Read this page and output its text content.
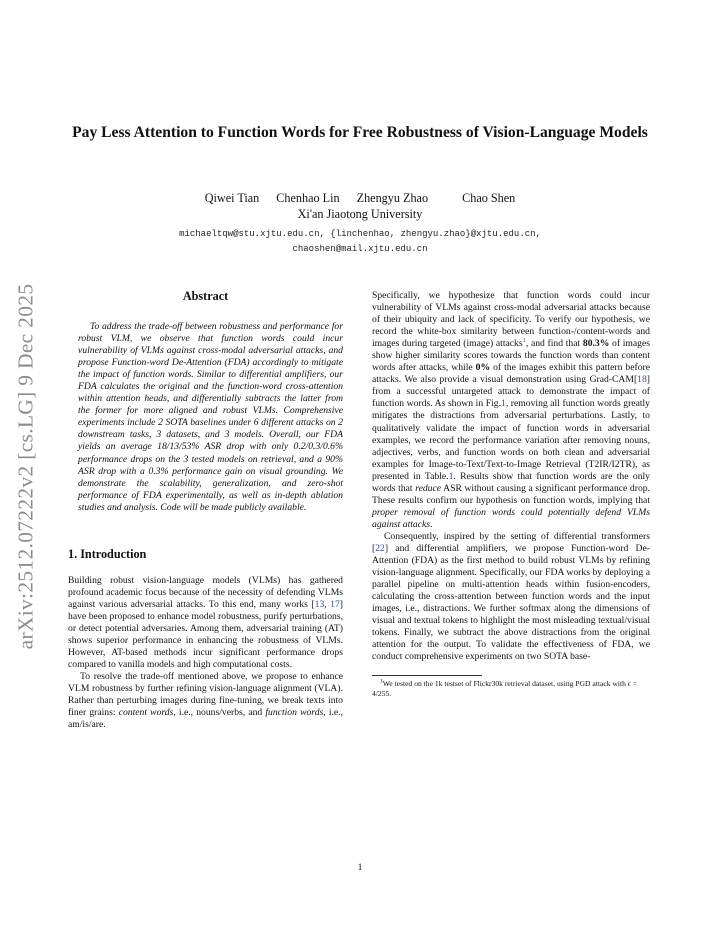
arXiv:2512.07222v2 [cs.LG] 9 Dec 2025
Pay Less Attention to Function Words for Free Robustness of Vision-Language Models
Qiwei Tian Chenhao Lin Zhengyu Zhao	Chao Shen
Xi'an Jiaotong University
michaeltqw@stu.xjtu.edu.cn, {linchenhao, zhengyu.zhao}@xjtu.edu.cn,
chaoshen@mail.xjtu.edu.cn
Abstract

To address the trade-off between robustness and performance for robust VLM, we observe that function words could incur vulnerability of VLMs against cross-modal adversarial attacks, and propose Function-word De-Attention (FDA) accordingly to mitigate the impact of function words. Similar to differential amplifiers, our FDA calculates the original and the function-word cross-attention within attention heads, and differentially subtracts the latter from the former for more aligned and robust VLMs. Comprehensive experiments include 2 SOTA baselines under 6 different attacks on 2 downstream tasks, 3 datasets, and 3 models. Overall, our FDA yields an average 18/13/53% ASR drop with only 0.2/0.3/0.6% performance drops on the 3 tested models on retrieval, and a 90% ASR drop with a 0.3% performance gain on visual grounding. We demonstrate the scalability, generalization, and zero-shot performance of FDA experimentally, as well as in-depth ablation studies and analysis. Code will be made publicly available.

1. Introduction

Building robust vision-language models (VLMs) has gathered profound academic focus because of the necessity of defending VLMs against various adversarial attacks. To this end, many works [13, 17] have been proposed to enhance model robustness, purify perturbations, or detect potential adversaries. Among them, adversarial training (AT) shows superior performance in enhancing the robustness of VLMs. However, AT-based methods incur significant performance drops compared to vanilla models and high computational costs.

To resolve the trade-off mentioned above, we propose to enhance VLM robustness by further refining vision-language alignment (VLA). Rather than perturbing images during fine-tuning, we break texts into finer grains: content words, i.e., nouns/verbs, and function words, i.e., am/is/are.

Specifically, we hypothesize that function words could incur vulnerability of VLMs against cross-modal adversarial attacks because of their ubiquity and lack of specificity. To verify our hypothesis, we record the white-box similarity between function-/content-words and images during targeted (image) attacks$^1$, and find that 80.3% of images show higher similarity scores towards the function words than content words after attacks, while 0% of the images exhibit this pattern before attacks. We also provide a visual demonstration using Grad-CAM[18] from a successful untargeted attack to demonstrate the impact of function words. As shown in Fig.1, removing all function words greatly mitigates the distractions from adversarial perturbations. Lastly, to qualitatively validate the impact of function words in adversarial examples, we record the performance variation after removing nouns, adjectives, verbs, and function words on both clean and adversarial examples for Image-to-Text/Text-to-Image Retrieval (T2IR/I2TR), as presented in Table.1. Results show that function words are the only words that reduce ASR without causing a significant performance drop. These results confirm our hypothesis on function words, implying that proper removal of function words could potentially defend VLMs against attacks.

Consequently, inspired by the setting of differential transformers [22] and differential amplifiers, we propose Function-word De-Attention (FDA) as the first method to build robust VLMs by refining vision-language alignment. Specifically, our FDA works by deploying a parallel pipeline on multi-attention heads within fusion-encoders, calculating the cross-attention between function words and the input images, i.e., distractions. We further softmax along the dimensions of visual and textual tokens to highlight the most misleading textual/visual tokens. Finally, we subtract the above distractions from the original attention for the output. To validate the effectiveness of FDA, we conduct comprehensive experiments on two SOTA base-

$^1$We tested on the 1k testset of Flickr30k retrieval dataset, using PGD attack with ϵ = 4/255.

1
